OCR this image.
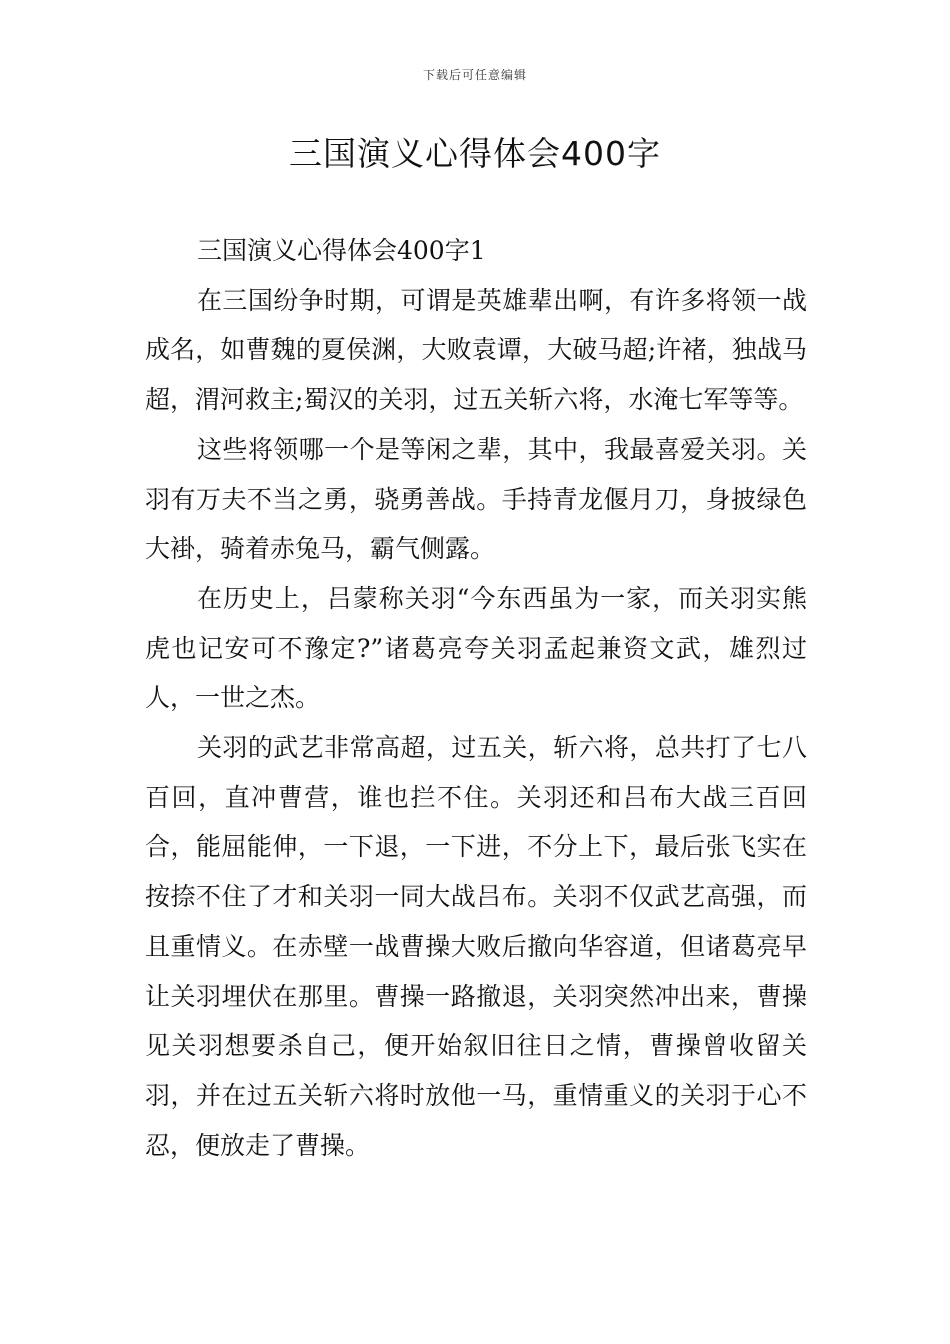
下载后可任意编辑
三国演义心得体会400字

三国演义心得体会400字1

在三国纷争时期，可谓是英雄辈出啊，有许多将领一战成名，如曹魏的夏侯渊，大败袁谭，大破马超;许褚，独战马超，渭河救主;蜀汉的关羽，过五关斩六将，水淹七军等等。

这些将领哪一个是等闲之辈，其中，我最喜爱关羽。关羽有万夫不当之勇，骁勇善战。手持青龙偃月刀，身披绿色大褂，骑着赤兔马，霸气侧露。

在历史上，吕蒙称关羽“今东西虽为一家，而关羽实熊虎也记安可不豫定?”诸葛亮夸关羽孟起兼资文武，雄烈过人，一世之杰。

关羽的武艺非常高超，过五关，斩六将，总共打了七八百回，直冲曹营，谁也拦不住。关羽还和吕布大战三百回合，能屈能伸，一下退，一下进，不分上下，最后张飞实在按捺不住了才和关羽一同大战吕布。关羽不仅武艺高强，而且重情义。在赤壁一战曹操大败后撤向华容道，但诸葛亮早让关羽埋伏在那里。曹操一路撤退，关羽突然冲出来，曹操见关羽想要杀自己，便开始叙旧往日之情，曹操曾收留关羽，并在过五关斩六将时放他一马，重情重义的关羽于心不忍，便放走了曹操。
